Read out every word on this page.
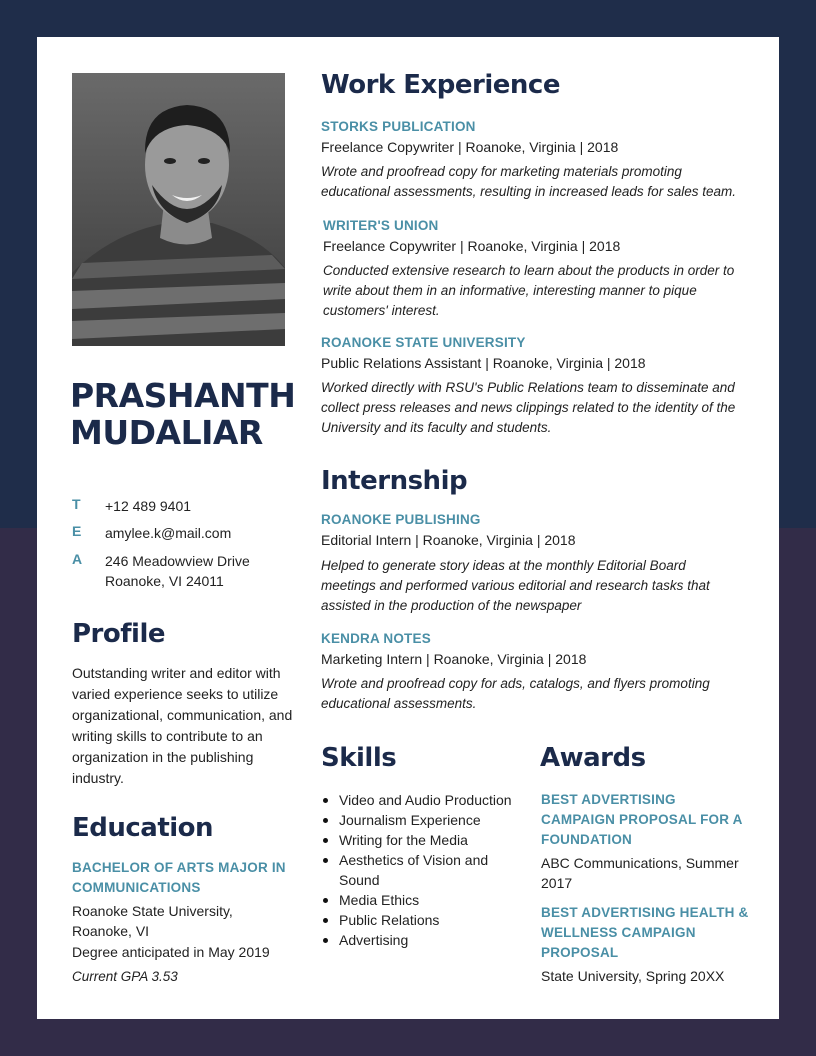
PRASHANTH
MUDALIAR
T +12 489 9401
E amylee.k@mail.com
A 246 Meadowview Drive
Roanoke, VI 24011
Profile
Outstanding writer and editor with varied experience seeks to utilize organizational, communication, and writing skills to contribute to an organization in the publishing industry.
Education
BACHELOR OF ARTS MAJOR IN COMMUNICATIONS
Roanoke State University, Roanoke, VI
Degree anticipated in May 2019
Current GPA 3.53
Work Experience
STORKS PUBLICATION
Freelance Copywriter | Roanoke, Virginia | 2018
Wrote and proofread copy for marketing materials promoting educational assessments, resulting in increased leads for sales team.
WRITER'S UNION
Freelance Copywriter | Roanoke, Virginia | 2018
Conducted extensive research to learn about the products in order to write about them in an informative, interesting manner to pique customers' interest.
ROANOKE STATE UNIVERSITY
Public Relations Assistant | Roanoke, Virginia | 2018
Worked directly with RSU's Public Relations team to disseminate and collect press releases and news clippings related to the identity of the University and its faculty and students.
Internship
ROANOKE PUBLISHING
Editorial Intern | Roanoke, Virginia | 2018
Helped to generate story ideas at the monthly Editorial Board meetings and performed various editorial and research tasks that assisted in the production of the newspaper
KENDRA NOTES
Marketing Intern | Roanoke, Virginia | 2018
Wrote and proofread copy for ads, catalogs, and flyers promoting educational assessments.
Skills
Video and Audio Production
Journalism Experience
Writing for the Media
Aesthetics of Vision and Sound
Media Ethics
Public Relations
Advertising
Awards
BEST ADVERTISING CAMPAIGN PROPOSAL FOR A FOUNDATION
ABC Communications, Summer 2017
BEST ADVERTISING HEALTH & WELLNESS CAMPAIGN PROPOSAL
State University, Spring 20XX
